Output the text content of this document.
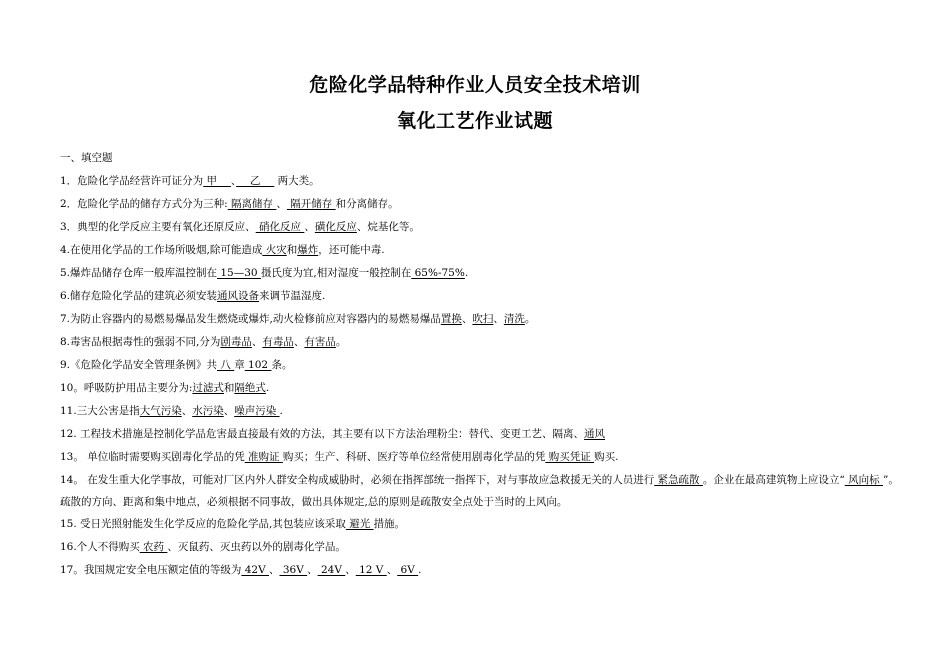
危险化学品特种作业人员安全技术培训
氧化工艺作业试题
一、填空题
1．危险化学品经营许可证分为 甲 　、　 乙 　 两大类。
2．危险化学品的储存方式分为三种: 隔离储存 、 隔开储存 和分离储存。
3．典型的化学反应主要有氧化还原反应、 硝化反应 、磺化反应、烷基化等。
4.在使用化学品的工作场所吸烟,除可能造成 火灾和爆炸，还可能中毒.
5.爆炸品储存仓库一般库温控制在 15—30 摄氏度为宜,相对湿度一般控制在 65%-75%.
6.储存危险化学品的建筑必须安装通风设备来调节温湿度.
7.为防止容器内的易燃易爆品发生燃烧或爆炸,动火检修前应对容器内的易燃易爆品置换、吹扫、清洗。
8.毒害品根据毒性的强弱不同,分为剧毒品、有毒品、有害品。
9.《危险化学品安全管理条例》共 八 章 102 条。
10。呼吸防护用品主要分为:过滤式和隔绝式.
11.三大公害是指大气污染、水污染、噪声污染 .
12. 工程技术措施是控制化学品危害最直接最有效的方法，其主要有以下方法治理粉尘：替代、变更工艺、隔离、通风
13。 单位临时需要购买剧毒化学品的凭 准购证 购买；生产、科研、医疗等单位经常使用剧毒化学品的凭 购买凭证 购买.
14。 在发生重大化学事故，可能对厂区内外人群安全构成威胁时，必须在指挥部统一指挥下，对与事故应急救援无关的人员进行 紧急疏散 。企业在最高建筑物上应设立“ 风向标 ”。疏散的方向、距离和集中地点，必须根据不同事故，做出具体规定,总的原则是疏散安全点处于当时的上风向。
15. 受日光照射能发生化学反应的危险化学品,其包装应该采取 避光 措施。
16.个人不得购买 农药 、灭鼠药、灭虫药以外的剧毒化学品。
17。我国规定安全电压额定值的等级为 42V 、 36V 、 24V 、 12 V 、 6V .
